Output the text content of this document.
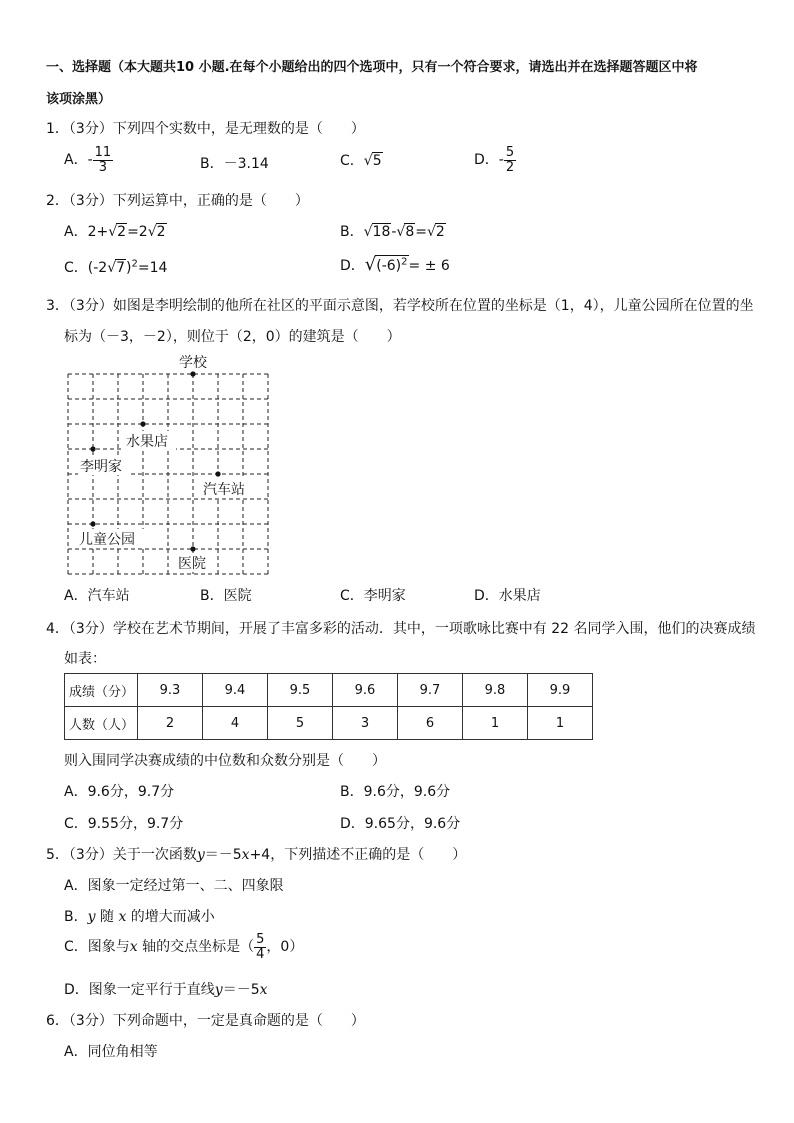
一、选择题（本大题共10 小题.在每个小题给出的四个选项中，只有一个符合要求，请选出并在选择题答题区中将
该项涂黑）
1．（3分）下列四个实数中，是无理数的是（　　）
A．- $\frac{11}{3}$	B．－3.14	C．√5	D．- $\frac{5}{2}$
2．（3分）下列运算中，正确的是（　　）
A．2+√2=2√2	B．√18-√8=√2
C．$(-2√7)^2=14$	D．$√(-6)^2= \pm 6$
3．（3分）如图是李明绘制的他所在社区的平面示意图，若学校所在位置的坐标是（1，4），儿童公园所在位置的坐
标为（－3，－2），则位于（2，0）的建筑是（　　）
学校
水果店
李明家
汽车站
儿童公园
医院
A．汽车站	B．医院	C．李明家	D．水果店
4．（3分）学校在艺术节期间，开展了丰富多彩的活动．其中，一项歌咏比赛中有 22 名同学入围，他们的决赛成绩
如表：
成绩（分）	9.3	9.4	9.5	9.6	9.7	9.8	9.9
人数（人）	2	4	5	3	6	1	1
则入围同学决赛成绩的中位数和众数分别是（　　）
A．9.6分，9.7分	B．9.6分，9.6分
C．9.55分，9.7分	D．9.65分，9.6分
5．（3分）关于一次函数y＝－5x+4，下列描述不正确的是（　　）
A．图象一定经过第一、二、四象限
B．y 随 x 的增大而减小
C．图象与x 轴的交点坐标是（ $\frac{5}{4}$ ，0）
D．图象一定平行于直线y＝－5x
6．（3分）下列命题中，一定是真命题的是（　　）
A．同位角相等
